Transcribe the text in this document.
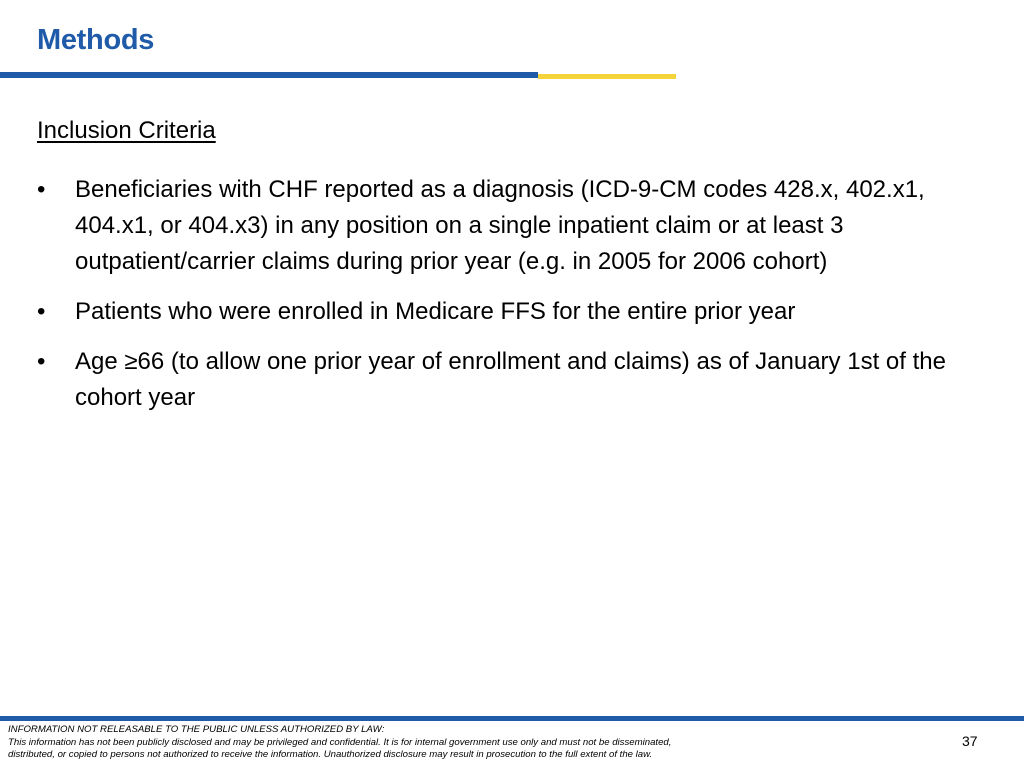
Methods
Inclusion Criteria
•	Beneficiaries with CHF reported as a diagnosis (ICD-9-CM codes 428.x, 402.x1, 404.x1, or 404.x3) in any position on a single inpatient claim or at least 3 outpatient/carrier claims during prior year (e.g. in 2005 for 2006 cohort)
•	Patients who were enrolled in Medicare FFS for the entire prior year
•	Age ≥66 (to allow one prior year of enrollment and claims) as of January 1st of the cohort year
INFORMATION NOT RELEASABLE TO THE PUBLIC UNLESS AUTHORIZED BY LAW:
This information has not been publicly disclosed and may be privileged and confidential. It is for internal government use only and must not be disseminated,
distributed, or copied to persons not authorized to receive the information. Unauthorized disclosure may result in prosecution to the full extent of the law.
37
